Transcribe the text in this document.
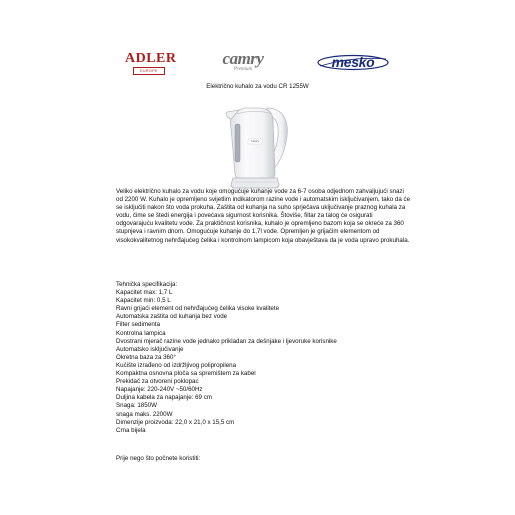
ADLER
EUROPE
camry
Premium	mesko
Električno kuhalo za vodu CR 1255W
Camry
Veliko električno kuhalo za vodu koje omogućuje kuhanje vode za 6-7 osoba odjednom zahvaljujući snazi od 2200 W. Kuhalo je opremljeno svijetlim indikatorom razine vode i automatskim isključivanjem, tako da će se isključiti nakon što voda prokuha. Zaštita od kuhanja na suho sprječava uključivanje praznog kuhala za vodu, čime se štedi energija i povećava sigurnost korisnika. Štoviše, filtar za talog će osigurati odgovarajuću kvalitetu vode. Za praktičnost korisnika, kuhalo je opremljeno bazom koja se okreće za 360 stupnjeva i ravnim dnom. Omogućuje kuhanje do 1,7l vode. Opremljen je grijaćim elementom od visokokvalitetnog nehrđajućeg čelika i kontrolnom lampicom koja obavještava da je voda upravo prokuhala.
Tehnička specifikacija:
Kapacitet max: 1,7 L
Kapacitet min: 0,5 L
Ravni grijaći element od nehrđajućeg čelika visoke kvalitete
Automatska zaštita od kuhanja bez vode
Filter sedimenta
Kontrolna lampica
Dvostrani mjerač razine vode jednako prikladan za dešnjake i ljevoruke korisnike
Automatsko isključivanje
Okretna baza za 360°
Kućište izrađeno od izdržljivog polipropilena
Kompaktna osnovna ploča sa spremištem za kabel
Prekidač za otvoreni poklopac
Napajanje: 220-240V ~50/60Hz
Duljina kabela za napajanje: 69 cm
Snaga: 1850W
snaga maks. 2200W
Dimenzije proizvoda: 22,0 x 21,0 x 15,5 cm
Crna bijela
Prije nego što počnete koristiti:
